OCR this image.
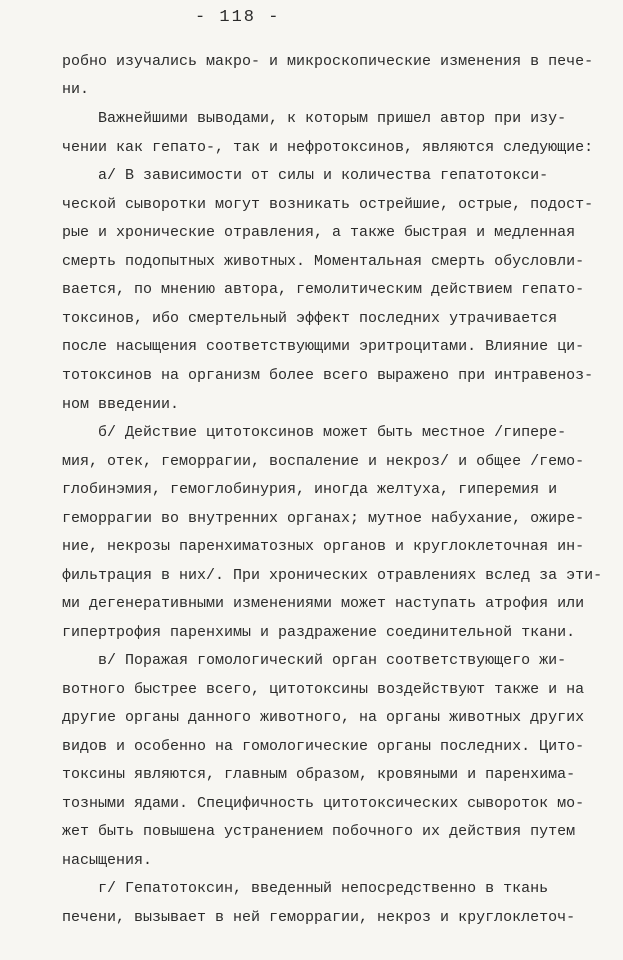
- 118 -
робно изучались макро- и микроскопические изменения в пече-
ни.
Важнейшими выводами, к которым пришел автор при изу-
чении как гепато-, так и нефротоксинов, являются следующие:
а/ В зависимости от силы и количества гепатотокси-
ческой сыворотки могут возникать острейшие, острые, подост-
рые и хронические отравления, а также быстрая и медленная
смерть подопытных животных. Моментальная смерть обусловли-
вается, по мнению автора, гемолитическим действием гепато-
токсинов, ибо смертельный эффект последних утрачивается
после насыщения соответствующими эритроцитами. Влияние ци-
тотоксинов на организм более всего выражено при интравеноз-
ном введении.
б/ Действие цитотоксинов может быть местное /гипере-
мия, отек, геморрагии, воспаление и некроз/ и общее /гемо-
глобинэмия, гемоглобинурия, иногда желтуха, гиперемия и
геморрагии во внутренних органах; мутное набухание, ожире-
ние, некрозы паренхиматозных органов и круглоклеточная ин-
фильтрация в них/. При хронических отравлениях вслед за эти-
ми дегенеративными изменениями может наступать атрофия или
гипертрофия паренхимы и раздражение соединительной ткани.
в/ Поражая гомологический орган соответствующего жи-
вотного быстрее всего, цитотоксины воздействуют также и на
другие органы данного животного, на органы животных других
видов и особенно на гомологические органы последних. Цито-
токсины являются, главным образом, кровяными и паренхима-
тозными ядами. Специфичность цитотоксических сывороток мо-
жет быть повышена устранением побочного их действия путем
насыщения.
г/ Гепатотоксин, введенный непосредственно в ткань
печени, вызывает в ней геморрагии, некроз и круглоклеточ-
